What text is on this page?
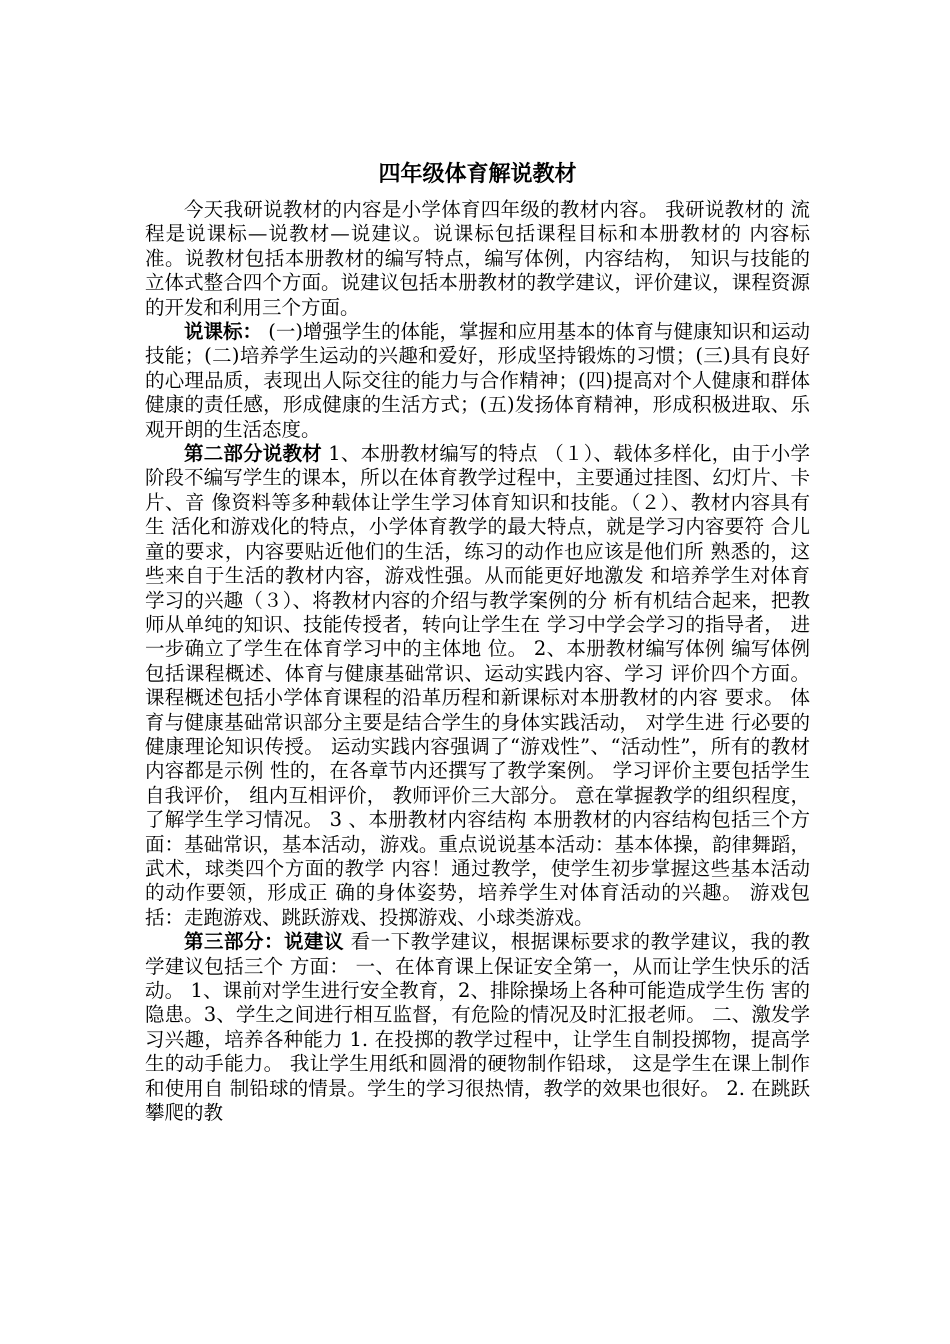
四年级体育解说教材

今天我研说教材的内容是小学体育四年级的教材内容。 我研说教材的 流程是说课标—说教材—说建议。说课标包括课程目标和本册教材的 内容标准。说教材包括本册教材的编写特点，编写体例，内容结构， 知识与技能的立体式整合四个方面。说建议包括本册教材的教学建议，评价建议，课程资源的开发和利用三个方面。

说课标： (一)增强学生的体能，掌握和应用基本的体育与健康知识和运动技能；(二)培养学生运动的兴趣和爱好，形成坚持锻炼的习惯；(三)具有良好的心理品质，表现出人际交往的能力与合作精神；(四)提高对个人健康和群体健康的责任感，形成健康的生活方式；(五)发扬体育精神，形成积极进取、乐观开朗的生活态度。

第二部分说教材 1、本册教材编写的特点 （１）、载体多样化，由于小学阶段不编写学生的课本，所以在体育教学过程中，主要通过挂图、幻灯片、卡片、音 像资料等多种载体让学生学习体育知识和技能。（２）、教材内容具有生 活化和游戏化的特点，小学体育教学的最大特点，就是学习内容要符 合儿童的要求，内容要贴近他们的生活，练习的动作也应该是他们所 熟悉的，这些来自于生活的教材内容，游戏性强。从而能更好地激发 和培养学生对体育学习的兴趣（３）、将教材内容的介绍与教学案例的分 析有机结合起来，把教师从单纯的知识、技能传授者，转向让学生在 学习中学会学习的指导者， 进一步确立了学生在体育学习中的主体地 位。 2、本册教材编写体例 编写体例包括课程概述、体育与健康基础常识、运动实践内容、学习 评价四个方面。 课程概述包括小学体育课程的沿革历程和新课标对本册教材的内容 要求。 体育与健康基础常识部分主要是结合学生的身体实践活动， 对学生进 行必要的健康理论知识传授。 运动实践内容强调了“游戏性”、“活动性”，所有的教材内容都是示例 性的，在各章节内还撰写了教学案例。 学习评价主要包括学生自我评价， 组内互相评价， 教师评价三大部分。 意在掌握教学的组织程度，了解学生学习情况。 3 、本册教材内容结构 本册教材的内容结构包括三个方面：基础常识，基本活动，游戏。重点说说基本活动：基本体操，韵律舞蹈，武术，球类四个方面的教学 内容！通过教学，使学生初步掌握这些基本活动的动作要领，形成正 确的身体姿势，培养学生对体育活动的兴趣。 游戏包括：走跑游戏、跳跃游戏、投掷游戏、小球类游戏。

第三部分：说建议 看一下教学建议，根据课标要求的教学建议，我的教学建议包括三个 方面： 一、在体育课上保证安全第一，从而让学生快乐的活动。 1、课前对学生进行安全教育，2、排除操场上各种可能造成学生伤 害的隐患。3、学生之间进行相互监督，有危险的情况及时汇报老师。 二、激发学习兴趣，培养各种能力 1. 在投掷的教学过程中，让学生自制投掷物，提高学生的动手能力。 我让学生用纸和圆滑的硬物制作铅球， 这是学生在课上制作和使用自 制铅球的情景。学生的学习很热情，教学的效果也很好。 2. 在跳跃攀爬的教
